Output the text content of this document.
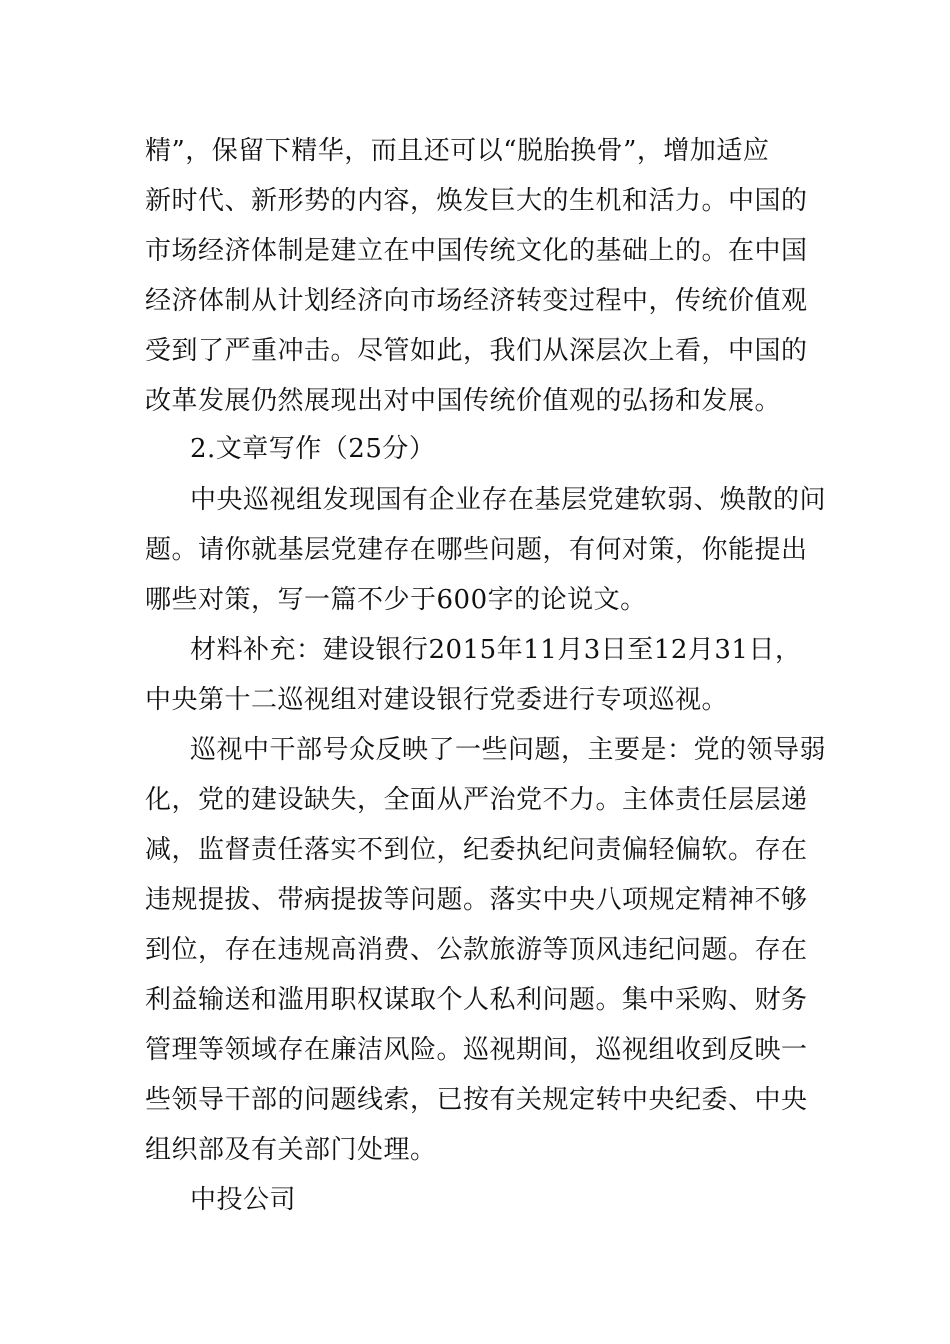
精”，保留下精华，而且还可以“脱胎换骨”，增加适应
新时代、新形势的内容，焕发巨大的生机和活力。中国的
市场经济体制是建立在中国传统文化的基础上的。在中国
经济体制从计划经济向市场经济转变过程中，传统价值观
受到了严重冲击。尽管如此，我们从深层次上看，中国的
改革发展仍然展现出对中国传统价值观的弘扬和发展。
2.文章写作（25分）
中央巡视组发现国有企业存在基层党建软弱、焕散的问
题。请你就基层党建存在哪些问题，有何对策，你能提出
哪些对策，写一篇不少于600字的论说文。
材料补充：建设银行2015年11月3日至12月31日，
中央第十二巡视组对建设银行党委进行专项巡视。
巡视中干部号众反映了一些问题，主要是：党的领导弱
化，党的建设缺失，全面从严治党不力。主体责任层层递
减，监督责任落实不到位，纪委执纪问责偏轻偏软。存在
违规提拔、带病提拔等问题。落实中央八项规定精神不够
到位，存在违规高消费、公款旅游等顶风违纪问题。存在
利益输送和滥用职权谋取个人私利问题。集中采购、财务
管理等领域存在廉洁风险。巡视期间，巡视组收到反映一
些领导干部的问题线索，已按有关规定转中央纪委、中央
组织部及有关部门处理。
中投公司
